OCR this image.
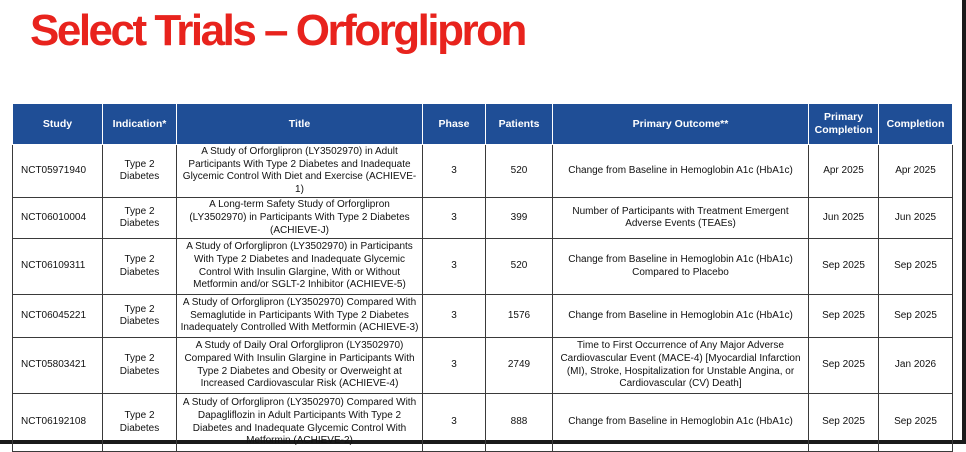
Select Trials – Orforglipron
Study	Indication*	Title	Phase	Patients	Primary Outcome**	Primary Completion	Completion
NCT05971940	Type 2 Diabetes	A Study of Orforglipron (LY3502970) in Adult Participants With Type 2 Diabetes and Inadequate Glycemic Control With Diet and Exercise (ACHIEVE-1)	3	520	Change from Baseline in Hemoglobin A1c (HbA1c)	Apr 2025	Apr 2025
NCT06010004	Type 2 Diabetes	A Long-term Safety Study of Orforglipron (LY3502970) in Participants With Type 2 Diabetes (ACHIEVE-J)	3	399	Number of Participants with Treatment Emergent Adverse Events (TEAEs)	Jun 2025	Jun 2025
NCT06109311	Type 2 Diabetes	A Study of Orforglipron (LY3502970) in Participants With Type 2 Diabetes and Inadequate Glycemic Control With Insulin Glargine, With or Without Metformin and/or SGLT-2 Inhibitor (ACHIEVE-5)	3	520	Change from Baseline in Hemoglobin A1c (HbA1c) Compared to Placebo	Sep 2025	Sep 2025
NCT06045221	Type 2 Diabetes	A Study of Orforglipron (LY3502970) Compared With Semaglutide in Participants With Type 2 Diabetes Inadequately Controlled With Metformin (ACHIEVE-3)	3	1576	Change from Baseline in Hemoglobin A1c (HbA1c)	Sep 2025	Sep 2025
NCT05803421	Type 2 Diabetes	A Study of Daily Oral Orforglipron (LY3502970) Compared With Insulin Glargine in Participants With Type 2 Diabetes and Obesity or Overweight at Increased Cardiovascular Risk (ACHIEVE-4)	3	2749	Time to First Occurrence of Any Major Adverse Cardiovascular Event (MACE-4) [Myocardial Infarction (MI), Stroke, Hospitalization for Unstable Angina, or Cardiovascular (CV) Death]	Sep 2025	Jan 2026
NCT06192108	Type 2 Diabetes	A Study of Orforglipron (LY3502970) Compared With Dapagliflozin in Adult Participants With Type 2 Diabetes and Inadequate Glycemic Control With Metformin (ACHIEVE-2)	3	888	Change from Baseline in Hemoglobin A1c (HbA1c)	Sep 2025	Sep 2025
